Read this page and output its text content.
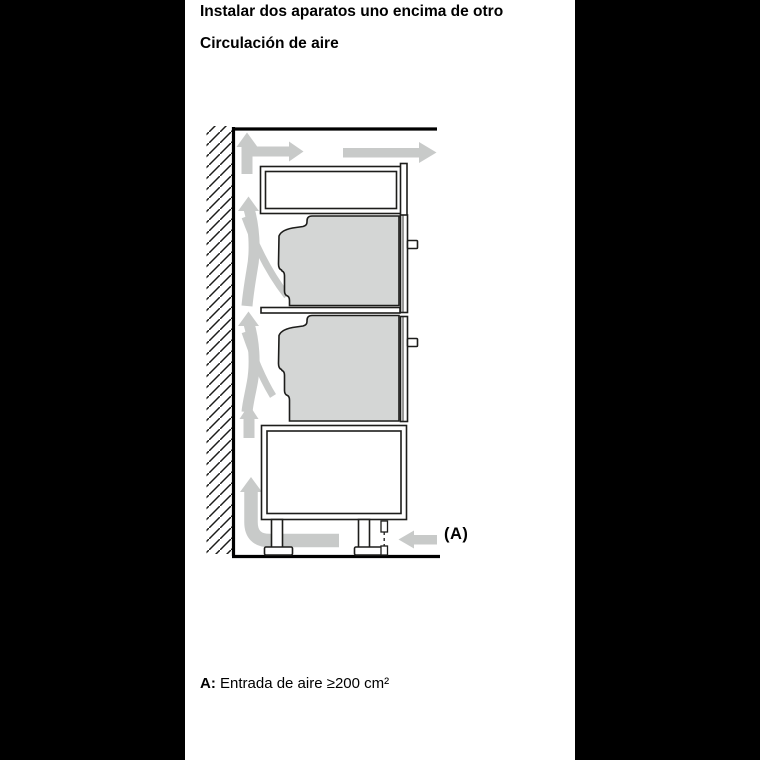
Instalar dos aparatos uno encima de otro
Circulación de aire
(A)

A: Entrada de aire ≥200 cm²
